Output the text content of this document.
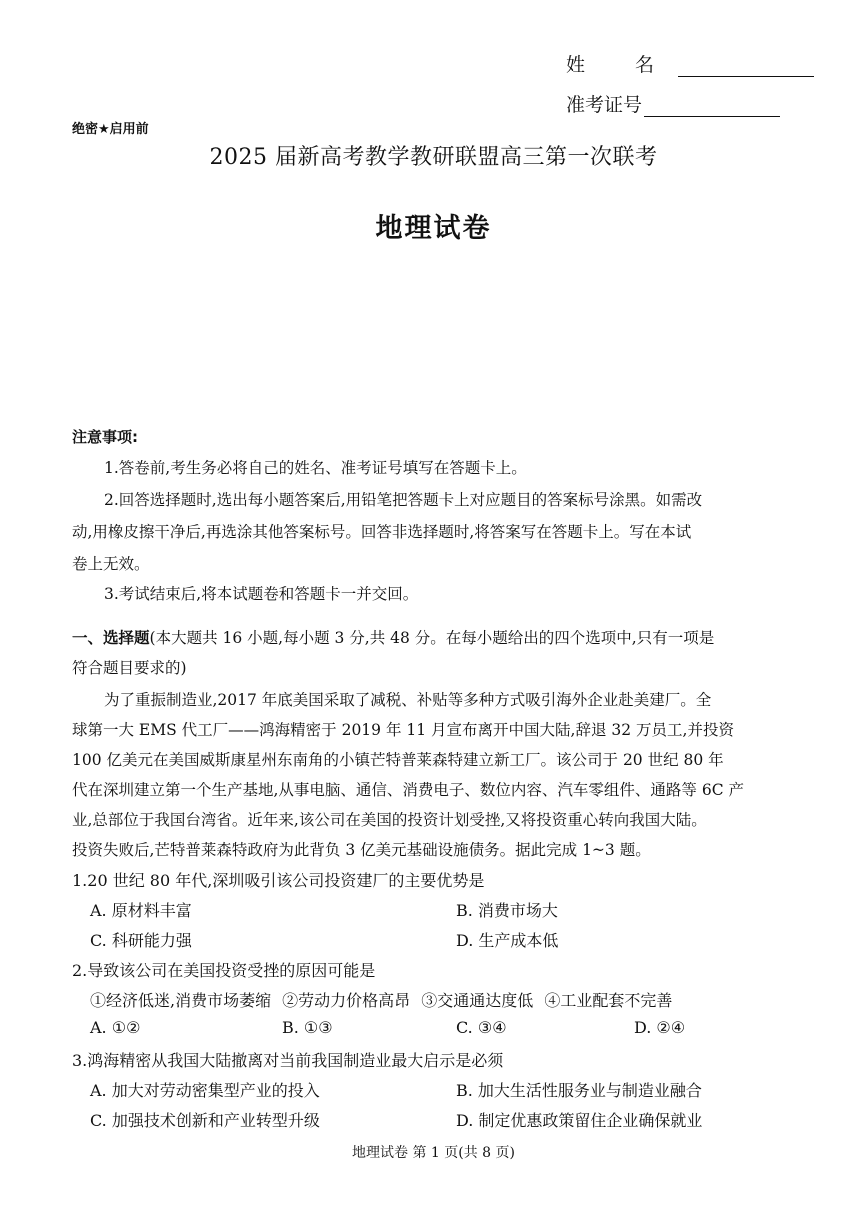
姓 名
准考证号
绝密★启用前
2025 届新高考教学教研联盟高三第一次联考
地理试卷
注意事项:
1.答卷前,考生务必将自己的姓名、准考证号填写在答题卡上。
2.回答选择题时,选出每小题答案后,用铅笔把答题卡上对应题目的答案标号涂黑。如需改
动,用橡皮擦干净后,再选涂其他答案标号。回答非选择题时,将答案写在答题卡上。写在本试
卷上无效。
3.考试结束后,将本试题卷和答题卡一并交回。
一、选择题(本大题共 16 小题,每小题 3 分,共 48 分。在每小题给出的四个选项中,只有一项是
符合题目要求的)
为了重振制造业,2017 年底美国采取了减税、补贴等多种方式吸引海外企业赴美建厂。全
球第一大 EMS 代工厂——鸿海精密于 2019 年 11 月宣布离开中国大陆,辞退 32 万员工,并投资
100 亿美元在美国威斯康星州东南角的小镇芒特普莱森特建立新工厂。该公司于 20 世纪 80 年
代在深圳建立第一个生产基地,从事电脑、通信、消费电子、数位内容、汽车零组件、通路等 6C 产
业,总部位于我国台湾省。近年来,该公司在美国的投资计划受挫,又将投资重心转向我国大陆。
投资失败后,芒特普莱森特政府为此背负 3 亿美元基础设施债务。据此完成 1~3 题。
1.20 世纪 80 年代,深圳吸引该公司投资建厂的主要优势是
A. 原材料丰富	B. 消费市场大
C. 科研能力强	D. 生产成本低
2.导致该公司在美国投资受挫的原因可能是
①经济低迷,消费市场萎缩 ②劳动力价格高昂 ③交通通达度低 ④工业配套不完善
A. ①②	B. ①③	C. ③④	D. ②④
3.鸿海精密从我国大陆撤离对当前我国制造业最大启示是必须
A. 加大对劳动密集型产业的投入	B. 加大生活性服务业与制造业融合
C. 加强技术创新和产业转型升级	D. 制定优惠政策留住企业确保就业
地理试卷 第 1 页(共 8 页)
